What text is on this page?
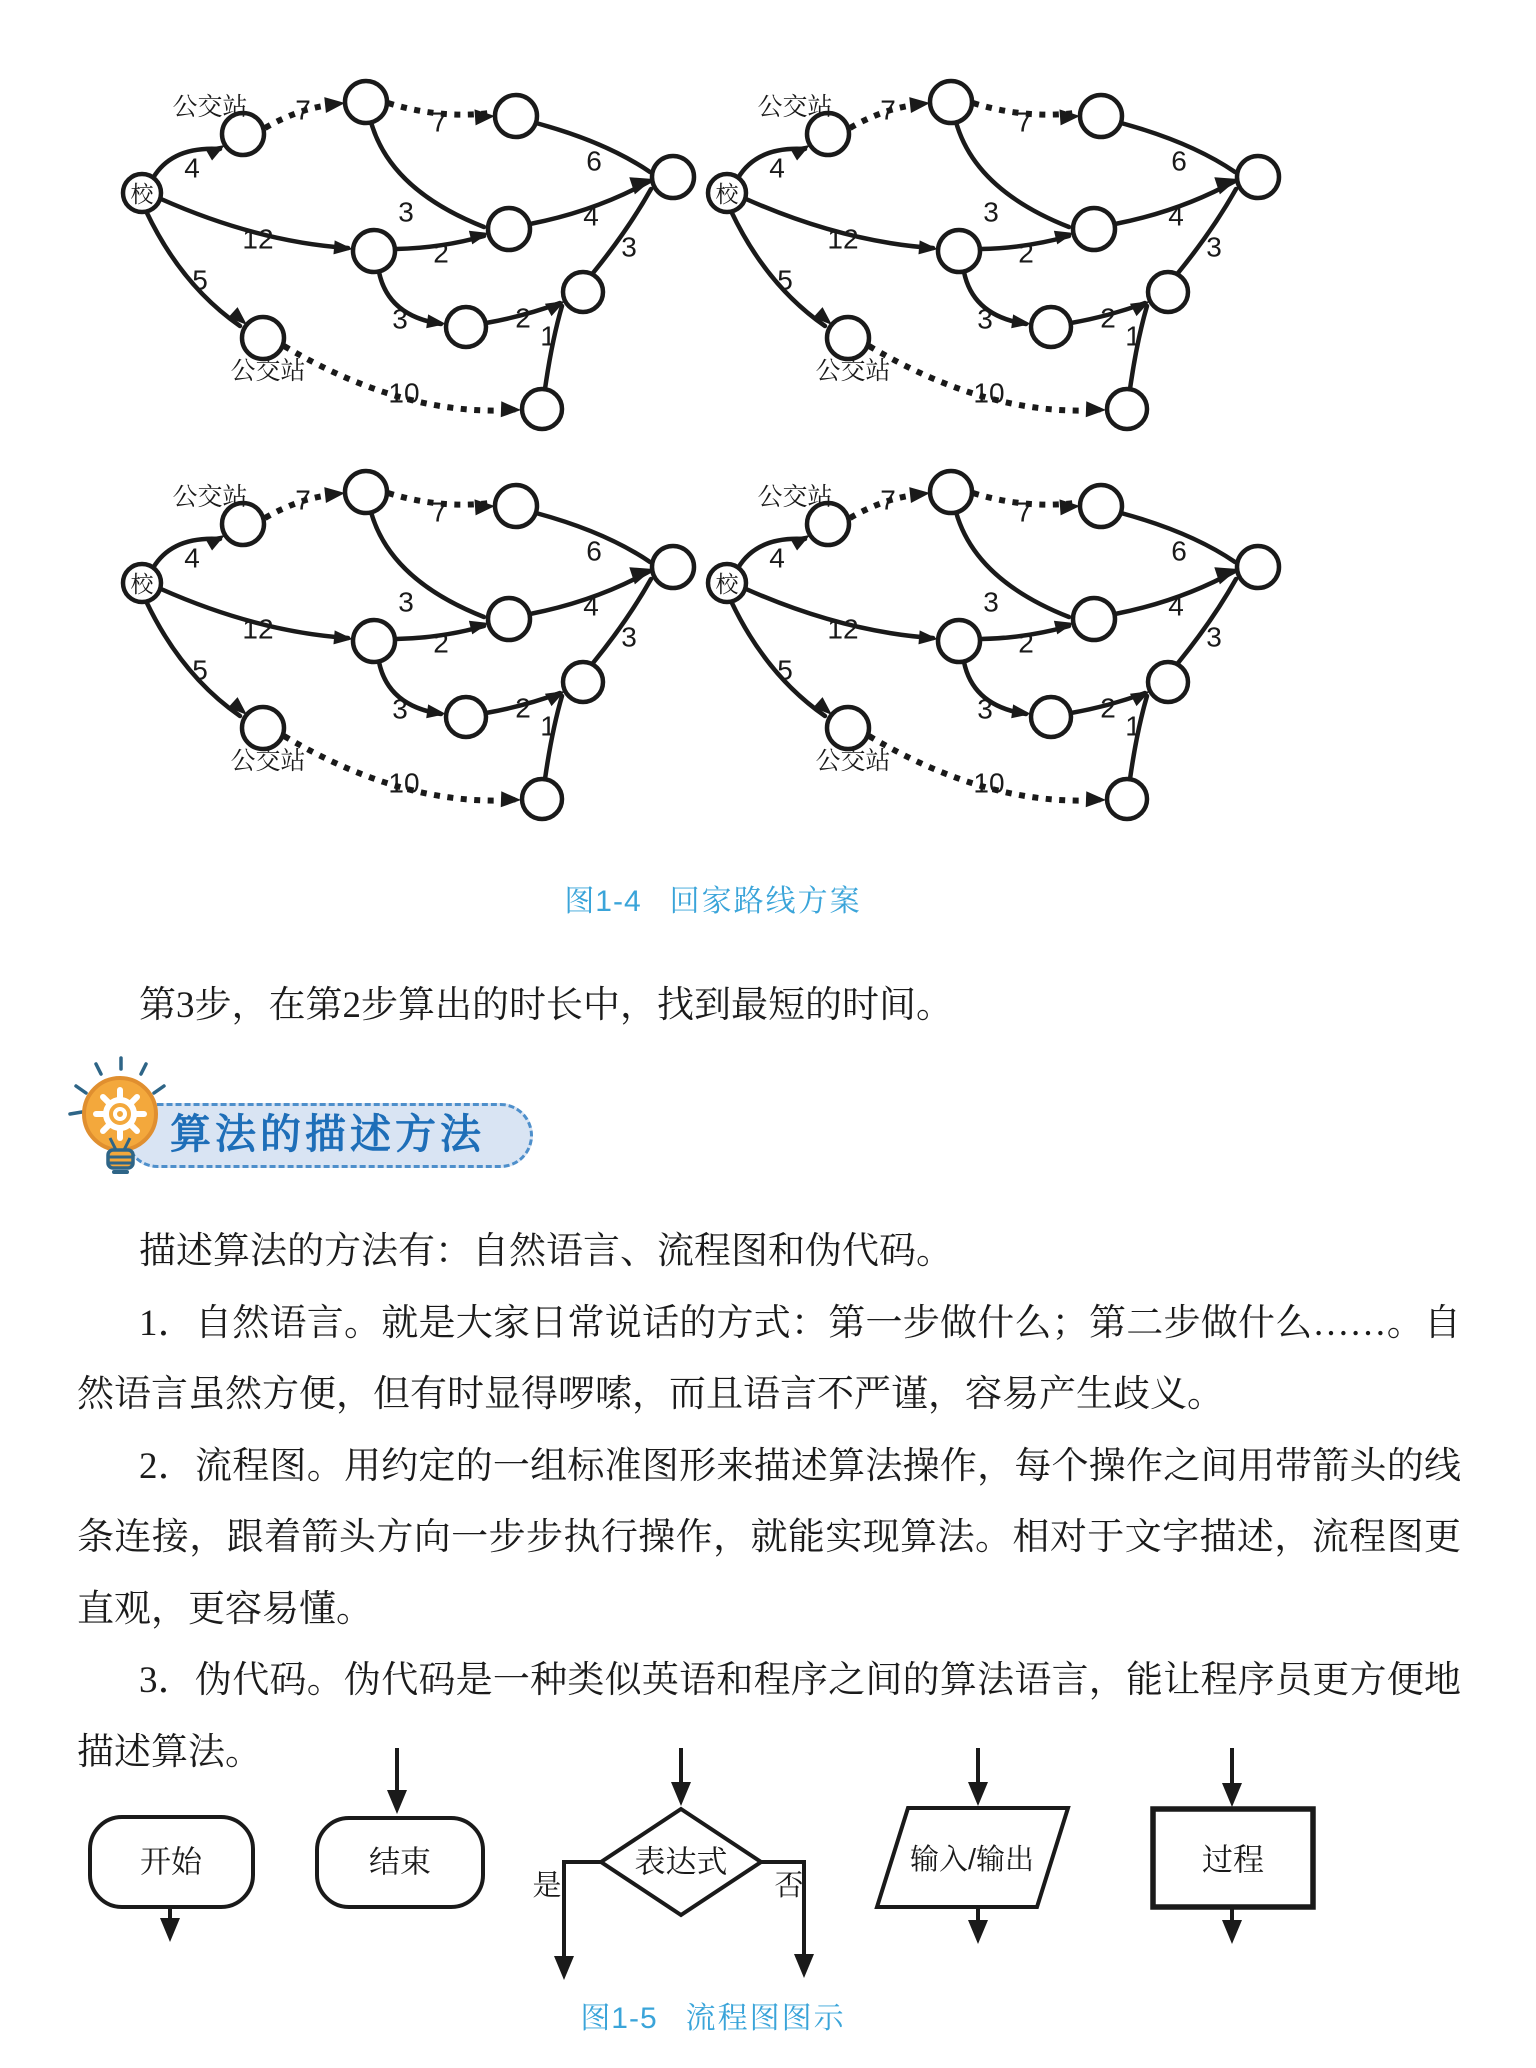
图1-4 回家路线方案

第3步，在第2步算出的时长中，找到最短的时间。

算法的描述方法

描述算法的方法有：自然语言、流程图和伪代码。

1．自然语言。就是大家日常说话的方式：第一步做什么；第二步做什么……。自然语言虽然方便，但有时显得啰嗦，而且语言不严谨，容易产生歧义。

2．流程图。用约定的一组标准图形来描述算法操作，每个操作之间用带箭头的线条连接，跟着箭头方向一步步执行操作，就能实现算法。相对于文字描述，流程图更直观，更容易懂。

3．伪代码。伪代码是一种类似英语和程序之间的算法语言，能让程序员更方便地描述算法。

开始	结束	表达式
是	否
输入/输出	过程
图1-5 流程图图示
